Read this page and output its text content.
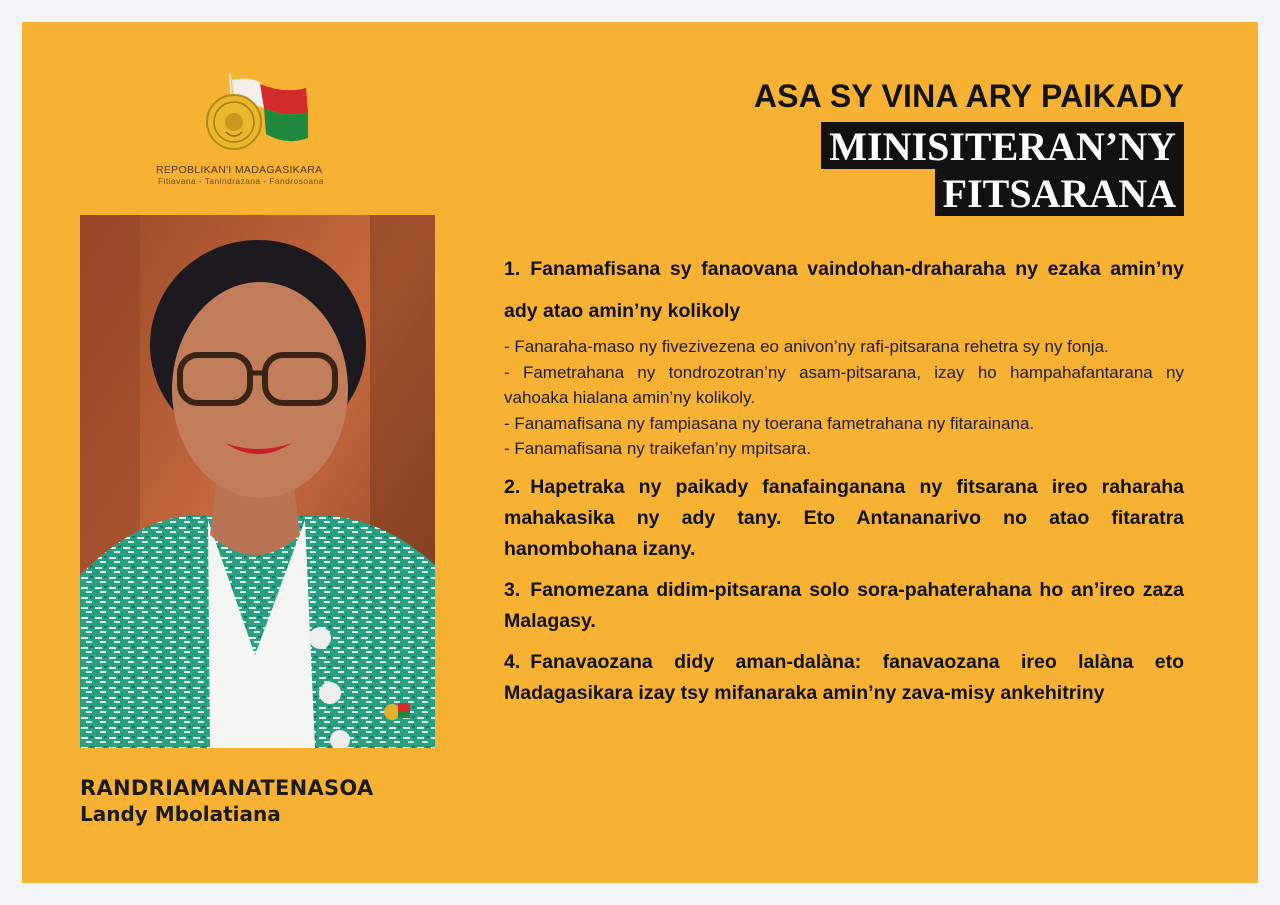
REPOBLIKAN'I MADAGASIKARA
Fitiavana - Tanindrazana - Fandrosoana
RANDRIAMANATENASOA
Landy Mbolatiana
ASA SY VINA ARY PAIKADY
MINISITERAN’NY
FITSARANA
1. Fanamafisana sy fanaovana vaindohan-draharaha ny ezaka amin’ny ady atao amin’ny kolikoly
- Fanaraha-maso ny fivezivezena eo anivon’ny rafi-pitsarana rehetra sy ny fonja.
- Fametrahana ny tondrozotran’ny asam-pitsarana, izay ho hampahafantarana ny vahoaka hialana amin’ny kolikoly.
- Fanamafisana ny fampiasana ny toerana fametrahana ny fitarainana.
- Fanamafisana ny traikefan’ny mpitsara.
2. Hapetraka ny paikady fanafainganana ny fitsarana ireo raharaha mahakasika ny ady tany. Eto Antananarivo no atao fitaratra hanombohana izany.
3. Fanomezana didim-pitsarana solo sora-pahaterahana ho an’ireo zaza Malagasy.
4. Fanavaozana didy aman-dalàna: fanavaozana ireo lalàna eto Madagasikara izay tsy mifanaraka amin’ny zava-misy ankehitriny
